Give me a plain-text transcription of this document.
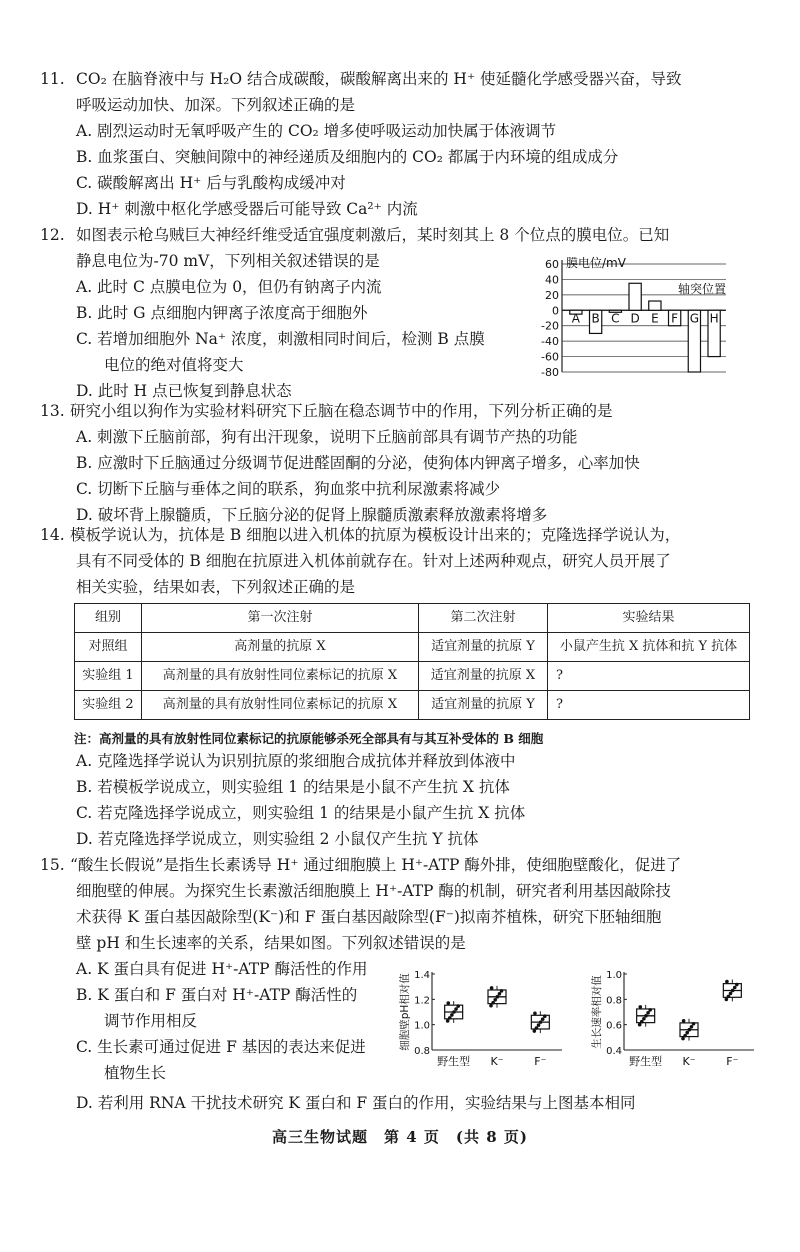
11. CO₂ 在脑脊液中与 H₂O 结合成碳酸，碳酸解离出来的 H⁺ 使延髓化学感受器兴奋，导致

呼吸运动加快、加深。下列叙述正确的是

A. 剧烈运动时无氧呼吸产生的 CO₂ 增多使呼吸运动加快属于体液调节

B. 血浆蛋白、突触间隙中的神经递质及细胞内的 CO₂ 都属于内环境的组成成分

C. 碳酸解离出 H⁺ 后与乳酸构成缓冲对

D. H⁺ 刺激中枢化学感受器后可能导致 Ca²⁺ 内流

12. 如图表示枪乌贼巨大神经纤维受适宜强度刺激后，某时刻其上 8 个位点的膜电位。已知

静息电位为-70 mV，下列相关叙述错误的是

A. 此时 C 点膜电位为 0，但仍有钠离子内流

B. 此时 G 点细胞内钾离子浓度高于细胞外

C. 若增加细胞外 Na⁺ 浓度，刺激相同时间后，检测 B 点膜

电位的绝对值将变大

D. 此时 H 点已恢复到静息状态

60
40
20
0
-20
-40
-60
-80
膜电位/mV
轴突位置
A B C D E F G H

13. 研究小组以狗作为实验材料研究下丘脑在稳态调节中的作用，下列分析正确的是

A. 刺激下丘脑前部，狗有出汗现象，说明下丘脑前部具有调节产热的功能

B. 应激时下丘脑通过分级调节促进醛固酮的分泌，使狗体内钾离子增多，心率加快

C. 切断下丘脑与垂体之间的联系，狗血浆中抗利尿激素将减少

D. 破坏背上腺髓质，下丘脑分泌的促肾上腺髓质激素释放激素将增多

14. 模板学说认为，抗体是 B 细胞以进入机体的抗原为模板设计出来的；克隆选择学说认为，

具有不同受体的 B 细胞在抗原进入机体前就存在。针对上述两种观点，研究人员开展了

相关实验，结果如表，下列叙述正确的是

组别	第一次注射	第二次注射	实验结果
对照组	高剂量的抗原 X	适宜剂量的抗原 Y	小鼠产生抗 X 抗体和抗 Y 抗体
实验组 1	高剂量的具有放射性同位素标记的抗原 X	适宜剂量的抗原 X	?
实验组 2	高剂量的具有放射性同位素标记的抗原 X	适宜剂量的抗原 Y	?
注：高剂量的具有放射性同位素标记的抗原能够杀死全部具有与其互补受体的 B 细胞

A. 克隆选择学说认为识别抗原的浆细胞合成抗体并释放到体液中

B. 若模板学说成立，则实验组 1 的结果是小鼠不产生抗 X 抗体

C. 若克隆选择学说成立，则实验组 1 的结果是小鼠产生抗 X 抗体

D. 若克隆选择学说成立，则实验组 2 小鼠仅产生抗 Y 抗体

15. “酸生长假说”是指生长素诱导 H⁺ 通过细胞膜上 H⁺-ATP 酶外排，使细胞壁酸化，促进了

细胞壁的伸展。为探究生长素激活细胞膜上 H⁺-ATP 酶的机制，研究者利用基因敲除技

术获得 K 蛋白基因敲除型(K⁻)和 F 蛋白基因敲除型(F⁻)拟南芥植株，研究下胚轴细胞

壁 pH 和生长速率的关系，结果如图。下列叙述错误的是

A. K 蛋白具有促进 H⁺-ATP 酶活性的作用

B. K 蛋白和 F 蛋白对 H⁺-ATP 酶活性的

调节作用相反

C. 生长素可通过促进 F 基因的表达来促进

植物生长

D. 若利用 RNA 干扰技术研究 K 蛋白和 F 蛋白的作用，实验结果与上图基本相同

1.4
1.2
1.0
0.8
细胞壁pH相对值
野生型 K⁻	F⁻
1.0
0.8
0.6
0.4
生长速率相对值
野生型 K⁻	F⁻
高三生物试题　第 4 页　(共 8 页)
